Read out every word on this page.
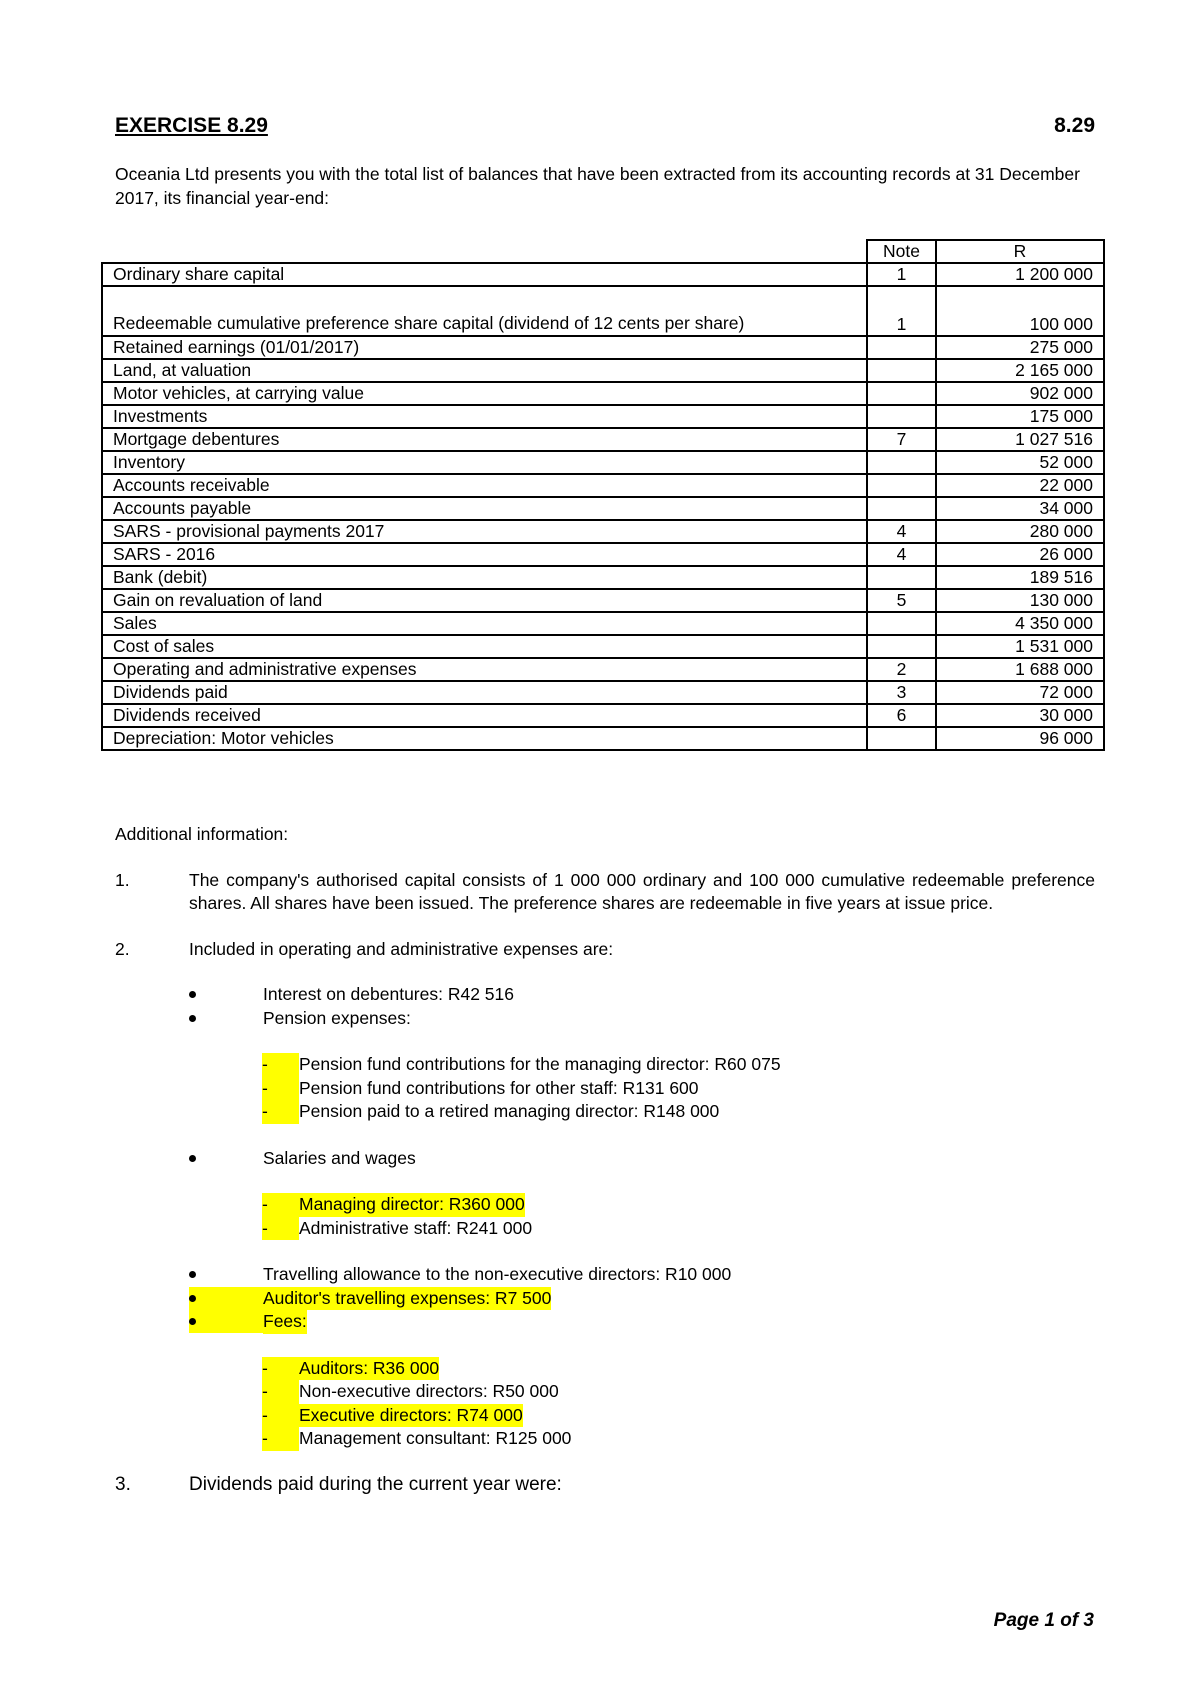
EXERCISE 8.29	8.29
Oceania Ltd presents you with the total list of balances that have been extracted from its accounting records at 31 December 2017, its financial year-end:
	Note	R
Ordinary share capital	1	1 200 000
Redeemable cumulative preference share capital (dividend of 12 cents per share)	1	100 000
Retained earnings (01/01/2017)		275 000
Land, at valuation		2 165 000
Motor vehicles, at carrying value		902 000
Investments		175 000
Mortgage debentures	7	1 027 516
Inventory		52 000
Accounts receivable		22 000
Accounts payable		34 000
SARS - provisional payments 2017	4	280 000
SARS - 2016	4	26 000
Bank (debit)		189 516
Gain on revaluation of land	5	130 000
Sales		4 350 000
Cost of sales		1 531 000
Operating and administrative expenses	2	1 688 000
Dividends paid	3	72 000
Dividends received	6	30 000
Depreciation: Motor vehicles		96 000
Additional information:
1.	The company's authorised capital consists of 1 000 000 ordinary and 100 000 cumulative redeemable preference shares. All shares have been issued. The preference shares are redeemable in five years at issue price.
2.	Included in operating and administrative expenses are:
Interest on debentures: R42 516
Pension expenses:
-	Pension fund contributions for the managing director: R60 075
-	Pension fund contributions for other staff: R131 600
-	Pension paid to a retired managing director: R148 000
Salaries and wages
-	Managing director: R360 000
-	Administrative staff: R241 000
Travelling allowance to the non-executive directors: R10 000
Auditor's travelling expenses: R7 500
Fees:
-	Auditors: R36 000
-	Non-executive directors: R50 000
-	Executive directors: R74 000
-	Management consultant: R125 000
3.	Dividends paid during the current year were:
Page 1 of 3
